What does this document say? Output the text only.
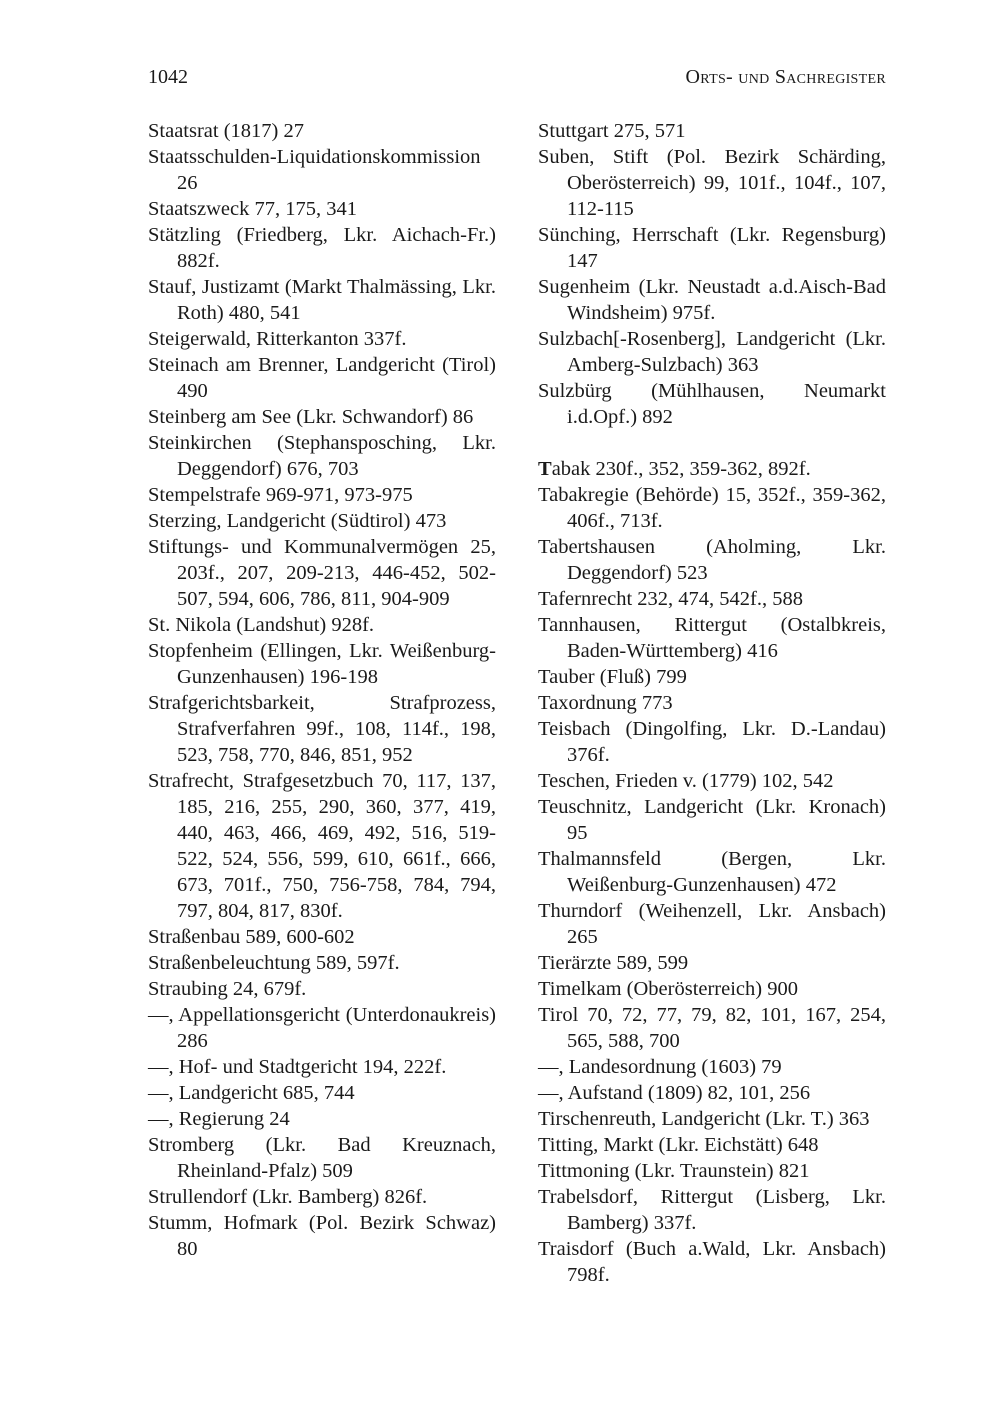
1042	Orts- und Sachregister
Staatsrat (1817) 27
Staatsschulden-Liquidationskommission 26
Staatszweck 77, 175, 341
Stätzling (Friedberg, Lkr. Aichach-Fr.) 882f.
Stauf, Justizamt (Markt Thalmässing, Lkr. Roth) 480, 541
Steigerwald, Ritterkanton 337f.
Steinach am Brenner, Landgericht (Tirol) 490
Steinberg am See (Lkr. Schwandorf) 86
Steinkirchen (Stephansposching, Lkr. Deggendorf) 676, 703
Stempelstrafe 969-971, 973-975
Sterzing, Landgericht (Südtirol) 473
Stiftungs- und Kommunalvermögen 25, 203f., 207, 209-213, 446-452, 502-507, 594, 606, 786, 811, 904-909
St. Nikola (Landshut) 928f.
Stopfenheim (Ellingen, Lkr. Weißenburg-Gunzenhausen) 196-198
Strafgerichtsbarkeit, Strafprozess, Strafverfahren 99f., 108, 114f., 198, 523, 758, 770, 846, 851, 952
Strafrecht, Strafgesetzbuch 70, 117, 137, 185, 216, 255, 290, 360, 377, 419, 440, 463, 466, 469, 492, 516, 519-522, 524, 556, 599, 610, 661f., 666, 673, 701f., 750, 756-758, 784, 794, 797, 804, 817, 830f.
Straßenbau 589, 600-602
Straßenbeleuchtung 589, 597f.
Straubing 24, 679f.
—, Appellationsgericht (Unterdonaukreis) 286
—, Hof- und Stadtgericht 194, 222f.
—, Landgericht 685, 744
—, Regierung 24
Stromberg (Lkr. Bad Kreuznach, Rheinland-Pfalz) 509
Strullendorf (Lkr. Bamberg) 826f.
Stumm, Hofmark (Pol. Bezirk Schwaz) 80
Stuttgart 275, 571
Suben, Stift (Pol. Bezirk Schärding, Oberösterreich) 99, 101f., 104f., 107, 112-115
Sünching, Herrschaft (Lkr. Regensburg) 147
Sugenheim (Lkr. Neustadt a.d.Aisch-Bad Windsheim) 975f.
Sulzbach[-Rosenberg], Landgericht (Lkr. Amberg-Sulzbach) 363
Sulzbürg (Mühlhausen, Neumarkt i.d.Opf.) 892
Tabak 230f., 352, 359-362, 892f.
Tabakregie (Behörde) 15, 352f., 359-362, 406f., 713f.
Tabertshausen (Aholming, Lkr. Deggendorf) 523
Tafernrecht 232, 474, 542f., 588
Tannhausen, Rittergut (Ostalbkreis, Baden-Württemberg) 416
Tauber (Fluß) 799
Taxordnung 773
Teisbach (Dingolfing, Lkr. D.-Landau) 376f.
Teschen, Frieden v. (1779) 102, 542
Teuschnitz, Landgericht (Lkr. Kronach) 95
Thalmannsfeld (Bergen, Lkr. Weißenburg-Gunzenhausen) 472
Thurndorf (Weihenzell, Lkr. Ansbach) 265
Tierärzte 589, 599
Timelkam (Oberösterreich) 900
Tirol 70, 72, 77, 79, 82, 101, 167, 254, 565, 588, 700
—, Landesordnung (1603) 79
—, Aufstand (1809) 82, 101, 256
Tirschenreuth, Landgericht (Lkr. T.) 363
Titting, Markt (Lkr. Eichstätt) 648
Tittmoning (Lkr. Traunstein) 821
Trabelsdorf, Rittergut (Lisberg, Lkr. Bamberg) 337f.
Traisdorf (Buch a.Wald, Lkr. Ansbach) 798f.
